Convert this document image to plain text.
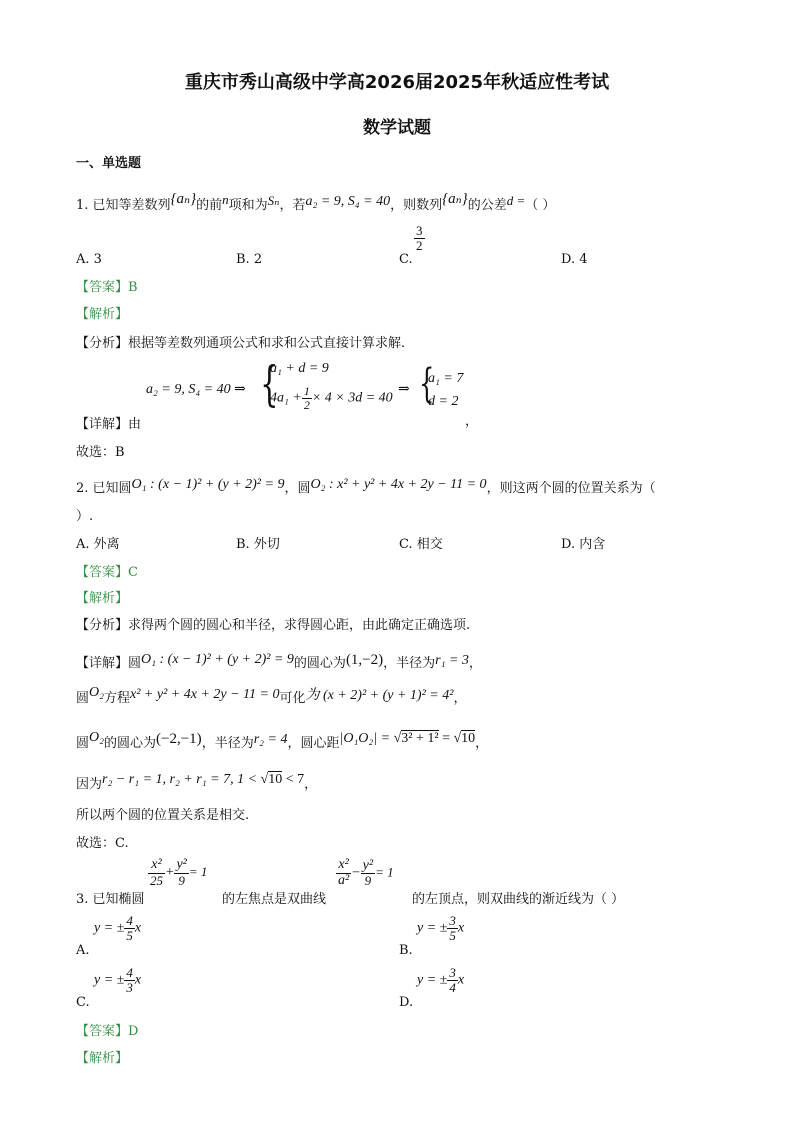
重庆市秀山高级中学高2026届2025年秋适应性考试
数学试题
一、单选题
1. 已知等差数列{aₙ}的前n项和为Sₙ，若a₂ = 9, S₄ = 40，则数列{aₙ}的公差d =（ ）
A. 3	B. 2	C.
$\frac{3}{2}$
D. 4
【答案】B
【解析】
【分析】根据等差数列通项公式和求和公式直接计算求解.
a₂ = 9, S₄ = 40 ⇒ {
a₁ + d = 9
$4a_1 + \frac{1}{2} \times 4 \times 3d = 40$
⇒ {
a₁ = 7
d = 2
，
【详解】由
故选：B
2. 已知圆O₁ : (x − 1)² + (y + 2)² = 9，圆O₂ : x² + y² + 4x + 2y − 11 = 0，则这两个圆的位置关系为（
）.
A. 外离	B. 外切	C. 相交	D. 内含
【答案】C
【解析】
【分析】求得两个圆的圆心和半径，求得圆心距，由此确定正确选项.
【详解】圆O₁ : (x − 1)² + (y + 2)² = 9的圆心为(1,−2)，半径为r₁ = 3，
圆O₂方程x² + y² + 4x + 2y − 11 = 0可化为 (x + 2)² + (y + 1)² = 4²，
圆O₂的圆心为(−2,−1)，半径为r₂ = 4，圆心距|O₁O₂| = √3² + 1² = √10，
因为r₂ − r₁ = 1, r₂ + r₁ = 7, 1 < √10 < 7，
所以两个圆的位置关系是相交.
故选：C.
3. 已知椭圆
$\frac{\text{x²}}{25} + \frac{\text{y²}}{9} = 1$
的左焦点是双曲线
$\frac{\text{x²}}{\text{a²}} - \frac{\text{y²}}{9} = 1$
的左顶点，则双曲线的渐近线为（ ）
A.
y = ± $\frac{4}{5}$ x
B.
y = ± $\frac{3}{5}$ x
C.
y = ± $\frac{4}{3}$ x
D.
y = ± $\frac{3}{4}$ x
【答案】D
【解析】
